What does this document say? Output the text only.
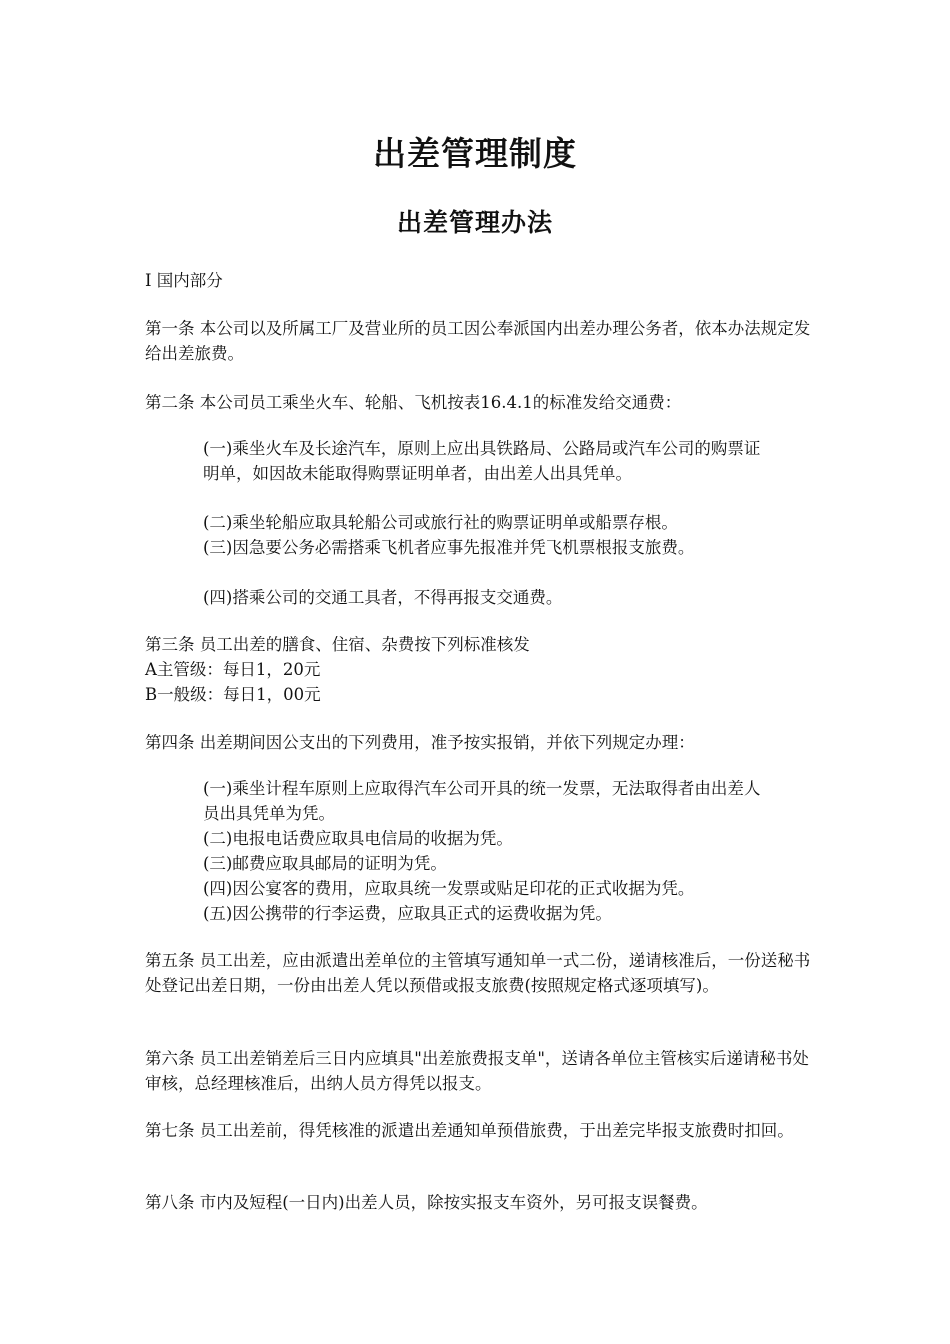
出差管理制度
出差管理办法

Ⅰ 国内部分

第一条 本公司以及所属工厂及营业所的员工因公奉派国内出差办理公务者，依本办法规定发给出差旅费。

第二条 本公司员工乘坐火车、轮船、飞机按表16.4.1的标准发给交通费：

(一)乘坐火车及长途汽车，原则上应出具铁路局、公路局或汽车公司的购票证明单，如因故未能取得购票证明单者，由出差人出具凭单。

(二)乘坐轮船应取具轮船公司或旅行社的购票证明单或船票存根。

(三)因急要公务必需搭乘飞机者应事先报准并凭飞机票根报支旅费。

(四)搭乘公司的交通工具者，不得再报支交通费。

第三条 员工出差的膳食、住宿、杂费按下列标准核发

A主管级：每日1，20元

B一般级：每日1，00元

第四条 出差期间因公支出的下列费用，准予按实报销，并依下列规定办理：

(一)乘坐计程车原则上应取得汽车公司开具的统一发票，无法取得者由出差人员出具凭单为凭。

(二)电报电话费应取具电信局的收据为凭。

(三)邮费应取具邮局的证明为凭。

(四)因公宴客的费用，应取具统一发票或贴足印花的正式收据为凭。

(五)因公携带的行李运费，应取具正式的运费收据为凭。

第五条 员工出差，应由派遣出差单位的主管填写通知单一式二份，递请核准后，一份送秘书处登记出差日期，一份由出差人凭以预借或报支旅费(按照规定格式逐项填写)。

第六条 员工出差销差后三日内应填具"出差旅费报支单"，送请各单位主管核实后递请秘书处审核，总经理核准后，出纳人员方得凭以报支。

第七条 员工出差前，得凭核准的派遣出差通知单预借旅费，于出差完毕报支旅费时扣回。

第八条 市内及短程(一日内)出差人员，除按实报支车资外，另可报支误餐费。
